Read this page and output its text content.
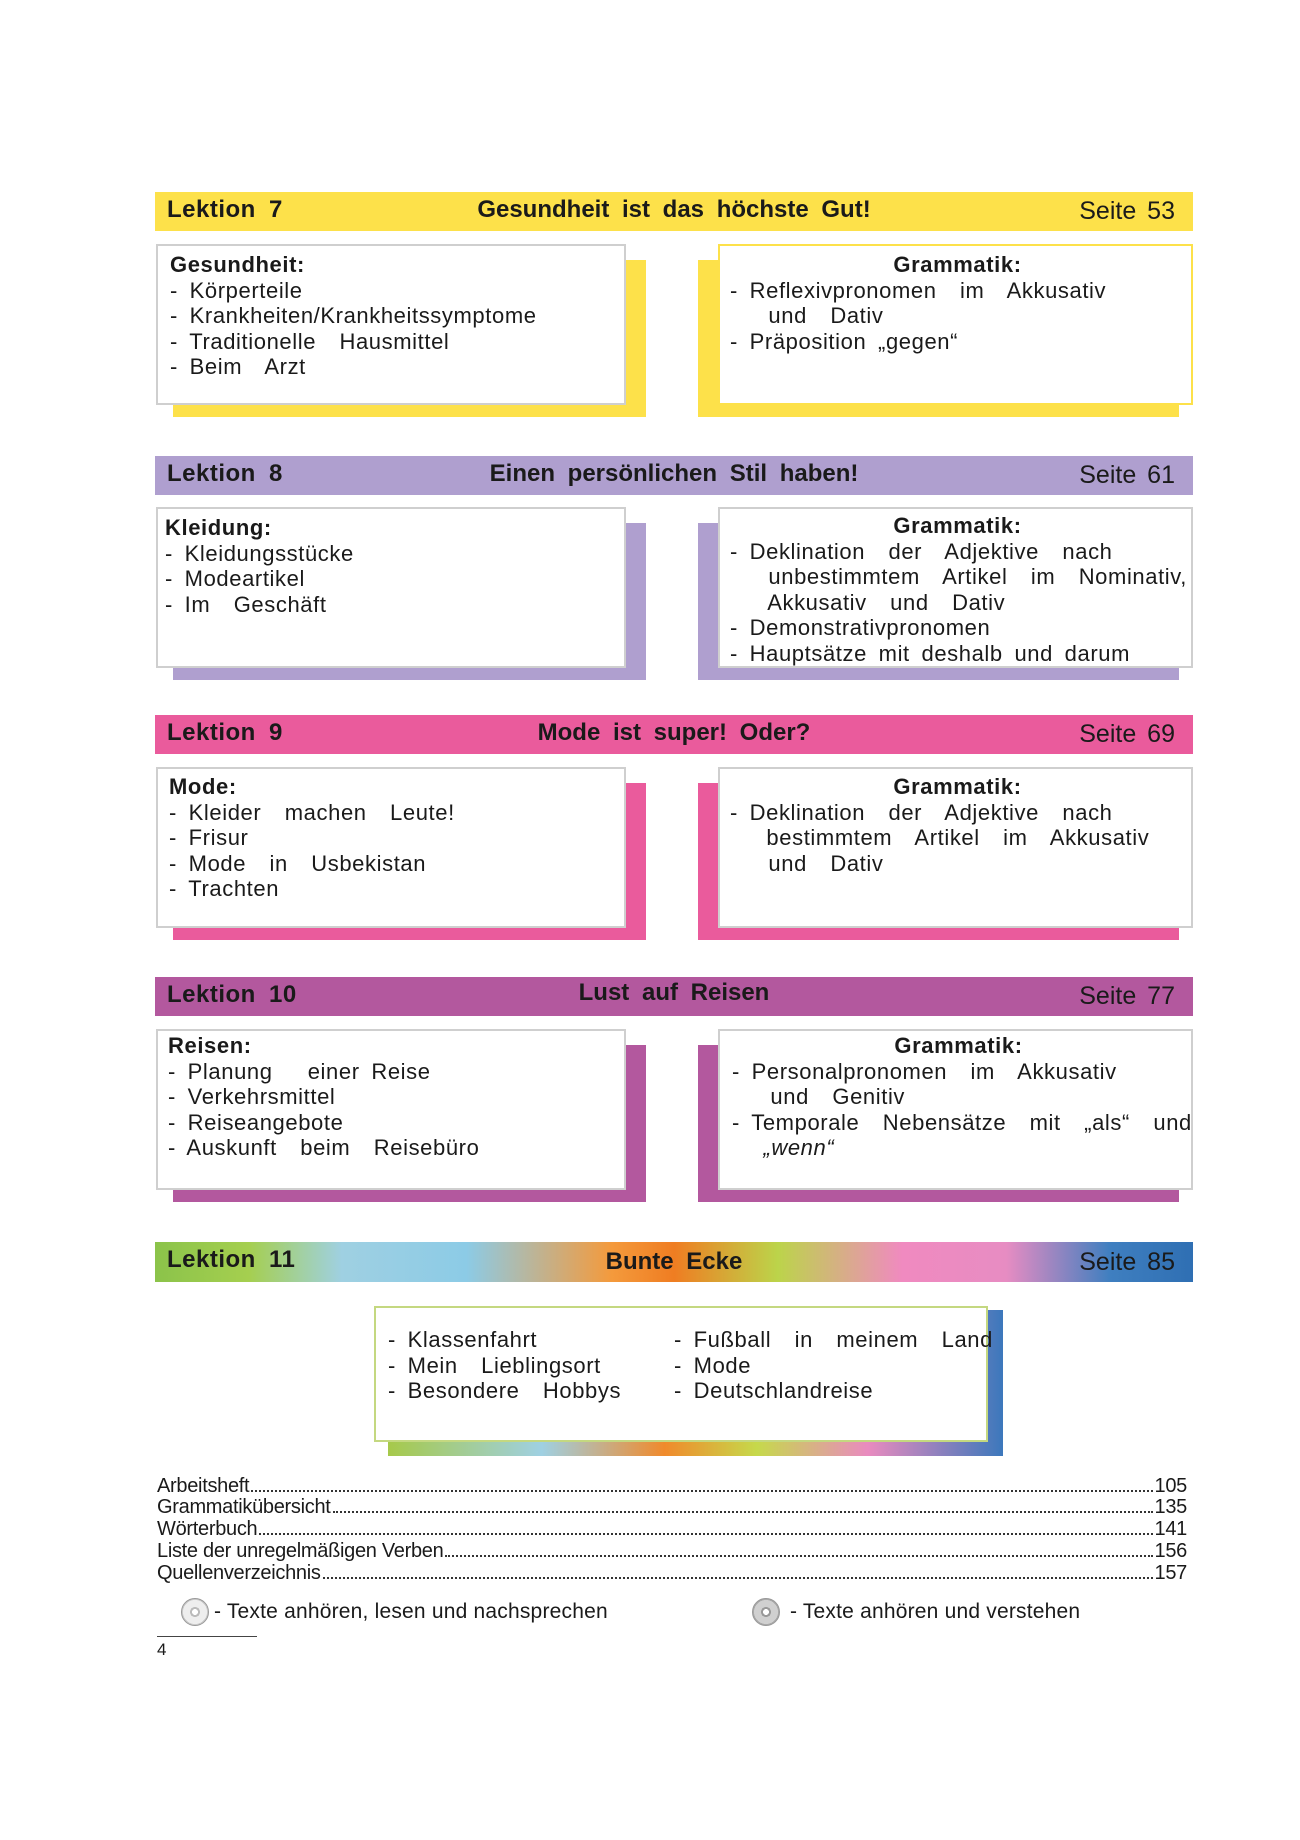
Lektion 7	Gesundheit ist das höchste Gut!	Seite 53
Gesundheit:
- Körperteile
- Krankheiten/Krankheitssymptome
- Traditionelle  Hausmittel
- Beim  Arzt
Grammatik:
- Reflexivpronomen  im  Akkusativ
und  Dativ
- Präposition „gegen“
Lektion 8	Einen persönlichen Stil haben!	Seite 61
Kleidung:
- Kleidungsstücke
- Modeartikel
- Im  Geschäft
Grammatik:
- Deklination  der  Adjektive  nach
unbestimmtem  Artikel  im  Nominativ,
Akkusativ  und  Dativ
- Demonstrativpronomen
- Hauptsätze mit deshalb und darum
Lektion 9	Mode ist super! Oder?	Seite 69
Mode:
- Kleider  machen  Leute!
- Frisur
- Mode  in  Usbekistan
- Trachten
Grammatik:
- Deklination  der  Adjektive  nach
bestimmtem  Artikel  im  Akkusativ
und  Dativ
Lektion 10	Lust auf Reisen	Seite 77
Reisen:
- Planung   einer Reise
- Verkehrsmittel
- Reiseangebote
- Auskunft  beim  Reisebüro
Grammatik:
- Personalpronomen  im  Akkusativ
und  Genitiv
- Temporale  Nebensätze  mit  „als“  und
„wenn“
Lektion 11	Bunte Ecke	Seite 85
- Klassenfahrt
- Mein  Lieblingsort
- Besondere  Hobbys
- Fußball  in  meinem  Land
- Mode
- Deutschlandreise
Arbeitsheft	105
Grammatikübersicht	135
Wörterbuch	141
Liste der unregelmäßigen Verben	156
Quellenverzeichnis	157
- Texte anhören, lesen und nachsprechen	- Texte anhören und verstehen
4
